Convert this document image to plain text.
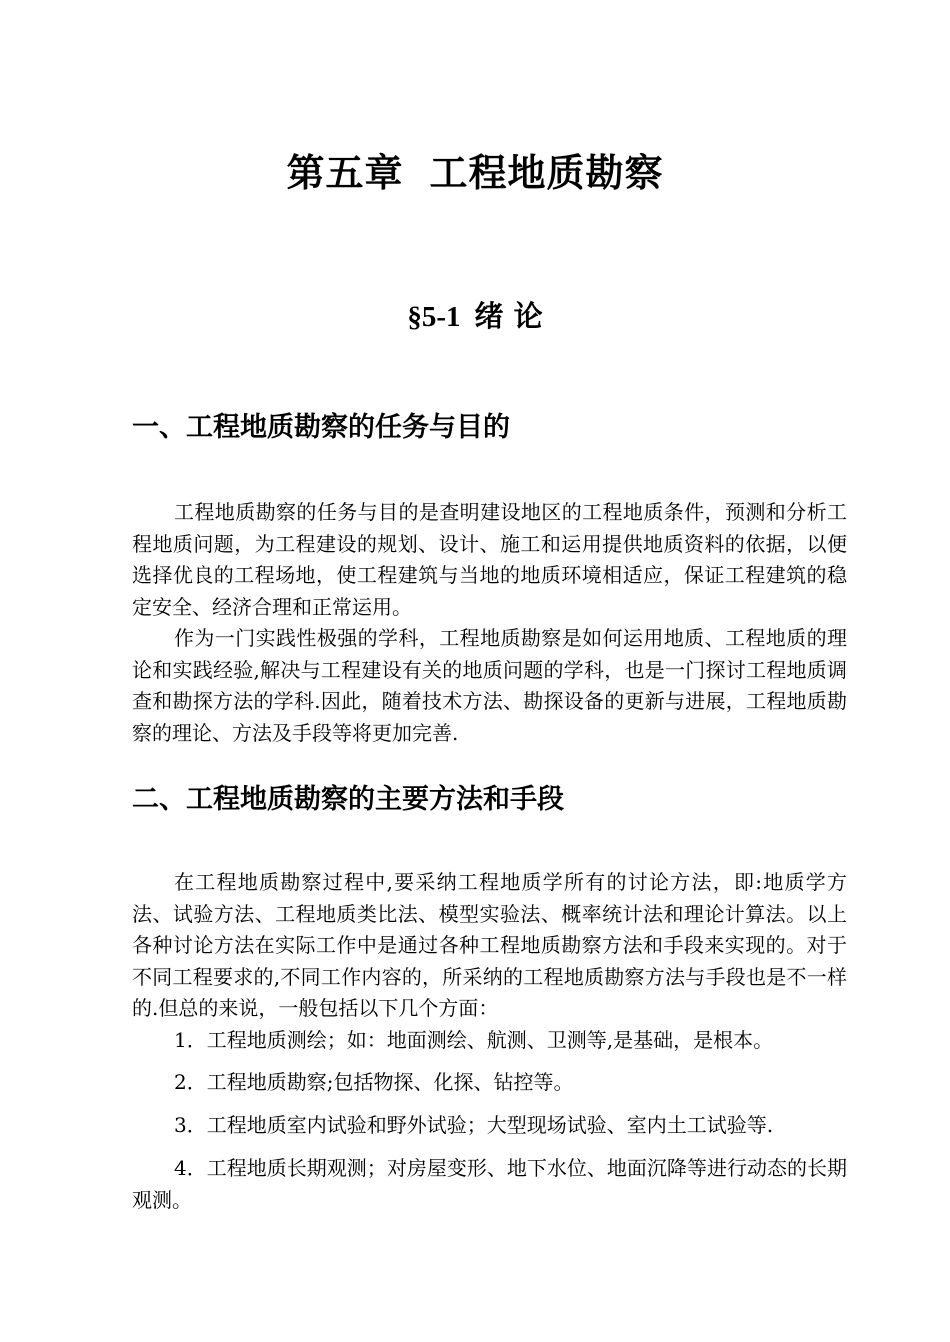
第五章 工程地质勘察
§5-1 绪 论
一、工程地质勘察的任务与目的

工程地质勘察的任务与目的是查明建设地区的工程地质条件，预测和分析工程地质问题，为工程建设的规划、设计、施工和运用提供地质资料的依据，以便选择优良的工程场地，使工程建筑与当地的地质环境相适应，保证工程建筑的稳定安全、经济合理和正常运用。

作为一门实践性极强的学科，工程地质勘察是如何运用地质、工程地质的理论和实践经验,解决与工程建设有关的地质问题的学科，也是一门探讨工程地质调查和勘探方法的学科.因此，随着技术方法、勘探设备的更新与进展，工程地质勘察的理论、方法及手段等将更加完善.

二、工程地质勘察的主要方法和手段

在工程地质勘察过程中,要采纳工程地质学所有的讨论方法，即:地质学方法、试验方法、工程地质类比法、模型实验法、概率统计法和理论计算法。以上各种讨论方法在实际工作中是通过各种工程地质勘察方法和手段来实现的。对于不同工程要求的,不同工作内容的，所采纳的工程地质勘察方法与手段也是不一样的.但总的来说，一般包括以下几个方面：

1．工程地质测绘；如：地面测绘、航测、卫测等,是基础，是根本。

2．工程地质勘察;包括物探、化探、钻控等。

3．工程地质室内试验和野外试验；大型现场试验、室内土工试验等.

4．工程地质长期观测；对房屋变形、地下水位、地面沉降等进行动态的长期观测。
